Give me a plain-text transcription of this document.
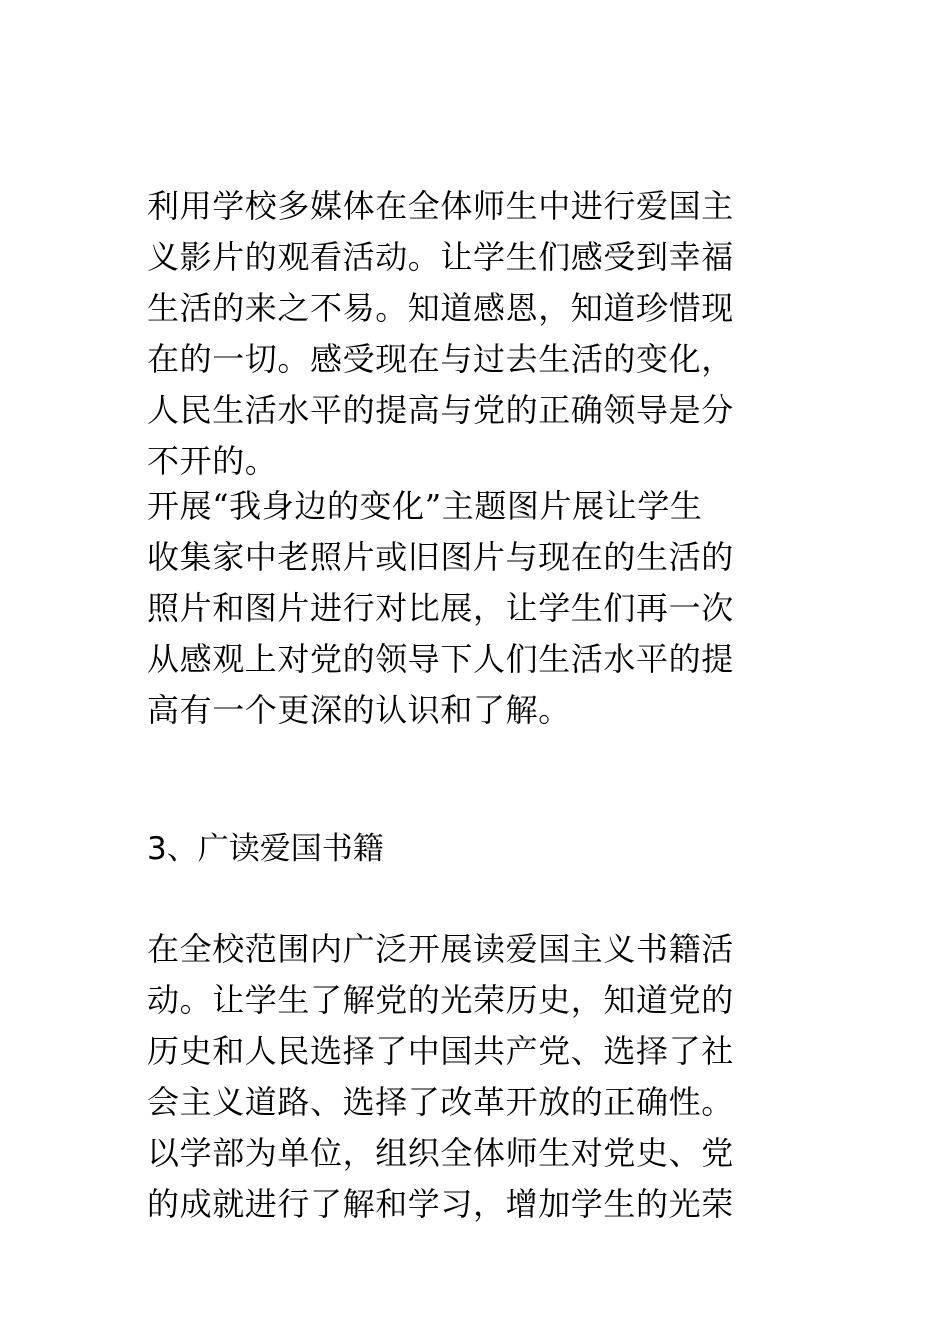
利用学校多媒体在全体师生中进行爱国主
义影片的观看活动。让学生们感受到幸福
生活的来之不易。知道感恩，知道珍惜现
在的一切。感受现在与过去生活的变化，
人民生活水平的提高与党的正确领导是分
不开的。
开展“我身边的变化”主题图片展让学生
收集家中老照片或旧图片与现在的生活的
照片和图片进行对比展，让学生们再一次
从感观上对党的领导下人们生活水平的提
高有一个更深的认识和了解。
3、广读爱国书籍
在全校范围内广泛开展读爱国主义书籍活
动。让学生了解党的光荣历史，知道党的
历史和人民选择了中国共产党、选择了社
会主义道路、选择了改革开放的正确性。
以学部为单位，组织全体师生对党史、党
的成就进行了解和学习，增加学生的光荣
